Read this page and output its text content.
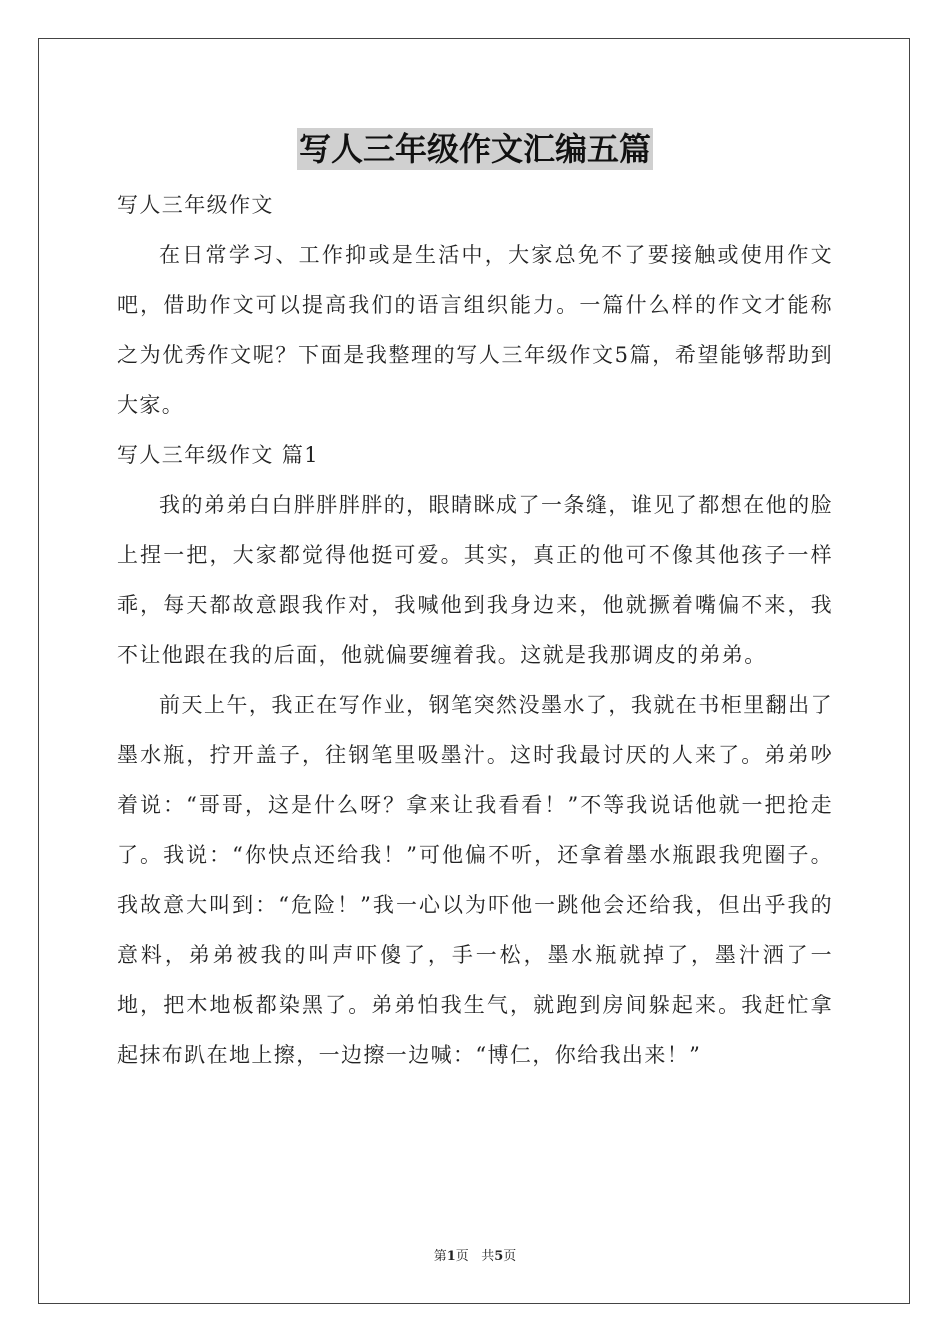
写人三年级作文汇编五篇

写人三年级作文

在日常学习、工作抑或是生活中，大家总免不了要接触或使用作文吧，借助作文可以提高我们的语言组织能力。一篇什么样的作文才能称之为优秀作文呢？下面是我整理的写人三年级作文5篇，希望能够帮助到大家。

写人三年级作文 篇1

我的弟弟白白胖胖胖胖的，眼睛眯成了一条缝，谁见了都想在他的脸上捏一把，大家都觉得他挺可爱。其实，真正的他可不像其他孩子一样乖，每天都故意跟我作对，我喊他到我身边来，他就撅着嘴偏不来，我不让他跟在我的后面，他就偏要缠着我。这就是我那调皮的弟弟。

前天上午，我正在写作业，钢笔突然没墨水了，我就在书柜里翻出了墨水瓶，拧开盖子，往钢笔里吸墨汁。这时我最讨厌的人来了。弟弟吵着说：“哥哥，这是什么呀？拿来让我看看！”不等我说话他就一把抢走了。我说：“你快点还给我！”可他偏不听，还拿着墨水瓶跟我兜圈子。我故意大叫到：“危险！”我一心以为吓他一跳他会还给我，但出乎我的意料，弟弟被我的叫声吓傻了，手一松，墨水瓶就掉了，墨汁洒了一地，把木地板都染黑了。弟弟怕我生气，就跑到房间躲起来。我赶忙拿起抹布趴在地上擦，一边擦一边喊：“博仁，你给我出来！”

第1页 共5页
